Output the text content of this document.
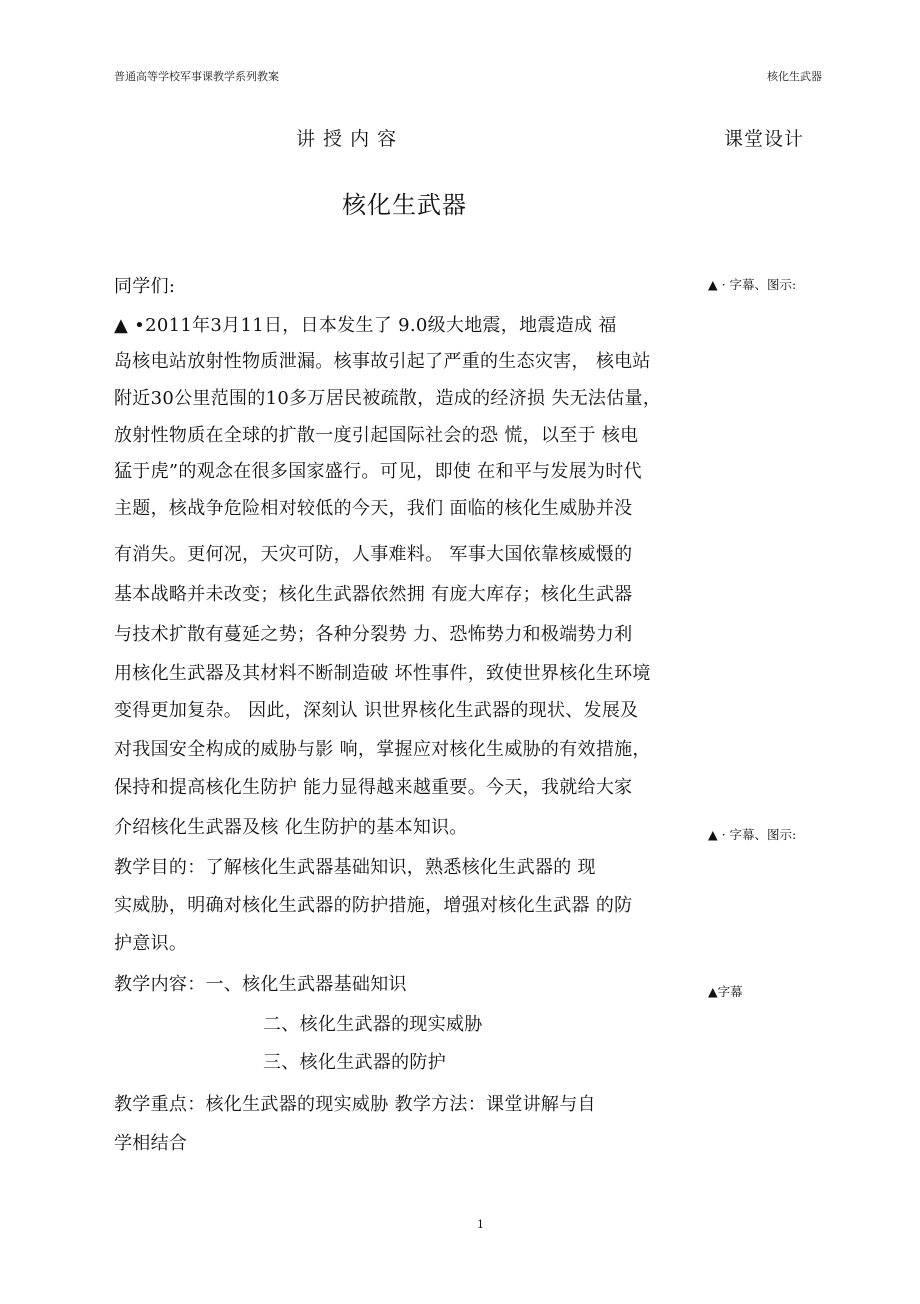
普通高等学校军事课教学系列教案	核化生武器
讲 授 内 容	课堂设计
核化生武器
同学们:
▲ •2011年3月11日，日本发生了 9.0级大地震，地震造成 福
岛核电站放射性物质泄漏。核事故引起了严重的生态灾害， 核电站
附近30公里范围的10多万居民被疏散，造成的经济损 失无法估量，
放射性物质在全球的扩散一度引起国际社会的恐 慌，以至于 核电
猛于虎”的观念在很多国家盛行。可见，即使 在和平与发展为时代
主题，核战争危险相对较低的今天，我们 面临的核化生威胁并没
有消失。更何况，天灾可防，人事难料。 军事大国依靠核威慑的
基本战略并未改变；核化生武器依然拥 有庞大库存；核化生武器
与技术扩散有蔓延之势；各种分裂势 力、恐怖势力和极端势力利
用核化生武器及其材料不断制造破 坏性事件，致使世界核化生环境
变得更加复杂。 因此，深刻认 识世界核化生武器的现状、发展及
对我国安全构成的威胁与影 响，掌握应对核化生威胁的有效措施，
保持和提高核化生防护 能力显得越来越重要。今天，我就给大家
介绍核化生武器及核 化生防护的基本知识。
教学目的：了解核化生武器基础知识，熟悉核化生武器的 现
实威胁，明确对核化生武器的防护措施，增强对核化生武器 的防
护意识。
教学内容：一、核化生武器基础知识
二、核化生武器的现实威胁
三、核化生武器的防护
教学重点：核化生武器的现实威胁 教学方法：课堂讲解与自
学相结合
▲ · 字幕、图示:
▲ · 字幕、图示:
▲字幕
1
